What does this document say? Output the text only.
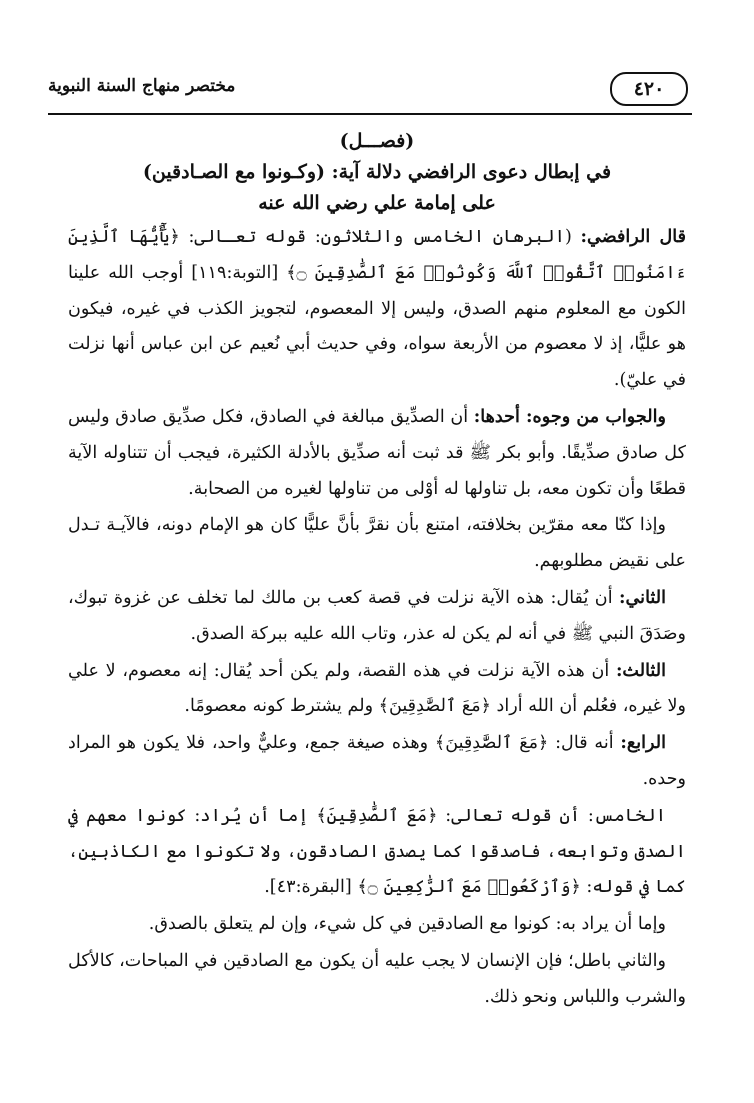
٤٢٠
مختصر منهاج السنة النبوية
(فصـــل)
في إبطال دعوى الرافضي دلالة آية: (وكـونوا مع الصـادقين)
على إمامة علي رضي الله عنه

قال الرافضي: (البرهان الخامس والثلاثون: قوله تعـالى: ﴿يَٰٓأَيُّهَا ٱلَّذِينَ ءَامَنُوا۟ ٱتَّقُوا۟ ٱللَّهَ وَكُونُوا۟ مَعَ ٱلصَّٰدِقِينَ ۝﴾ [التوبة:١١٩] أوجب الله علينا الكون مع المعلوم منهم الصدق، وليس إلا المعصوم، لتجويز الكذب في غيره، فيكون هو عليًّا، إذ لا معصوم من الأربعة سواه، وفي حديث أبي نُعيم عن ابن عباس أنها نزلت في عليّ).

والجواب من وجوه: أحدها: أن الصدِّيق مبالغة في الصادق، فكل صدِّيق صادق وليس كل صادق صدِّيقًا. وأبو بكر ﷺ قد ثبت أنه صدِّيق بالأدلة الكثيرة، فيجب أن تتناوله الآية قطعًا وأن تكون معه، بل تناولها له أوْلى من تناولها لغيره من الصحابة.

وإذا كنّا معه مقرّين بخلافته، امتنع بأن نقرَّ بأنَّ عليًّا كان هو الإمام دونه، فالآيـة تـدل على نقيض مطلوبهم.

الثاني: أن يُقال: هذه الآية نزلت في قصة كعب بن مالك لما تخلف عن غزوة تبوك، وصَدَقَ النبي ﷺ في أنه لم يكن له عذر، وتاب الله عليه ببركة الصدق.

الثالث: أن هذه الآية نزلت في هذه القصة، ولم يكن أحد يُقال: إنه معصوم، لا علي ولا غيره، فعُلم أن الله أراد ﴿مَعَ ٱلصَّٰدِقِينَ﴾ ولم يشترط كونه معصومًا.

الرابع: أنه قال: ﴿مَعَ ٱلصَّٰدِقِينَ﴾ وهذه صيغة جمع، وعليٌّ واحد، فلا يكون هو المراد وحده.

الخامس: أن قوله تعالى: ﴿مَعَ ٱلصَّٰدِقِينَ﴾ إما أن يُراد: كونوا معهم في الصدق وتوابعه، فاصدقوا كما يصدق الصادقون، ولا تكونوا مع الكاذبين، كما في قوله: ﴿وَٱرْكَعُوا۟ مَعَ ٱلرَّٰكِعِينَ ۝﴾ [البقرة:٤٣].

وإما أن يراد به: كونوا مع الصادقين في كل شيء، وإن لم يتعلق بالصدق.

والثاني باطل؛ فإن الإنسان لا يجب عليه أن يكون مع الصادقين في المباحات، كالأكل والشرب واللباس ونحو ذلك.
